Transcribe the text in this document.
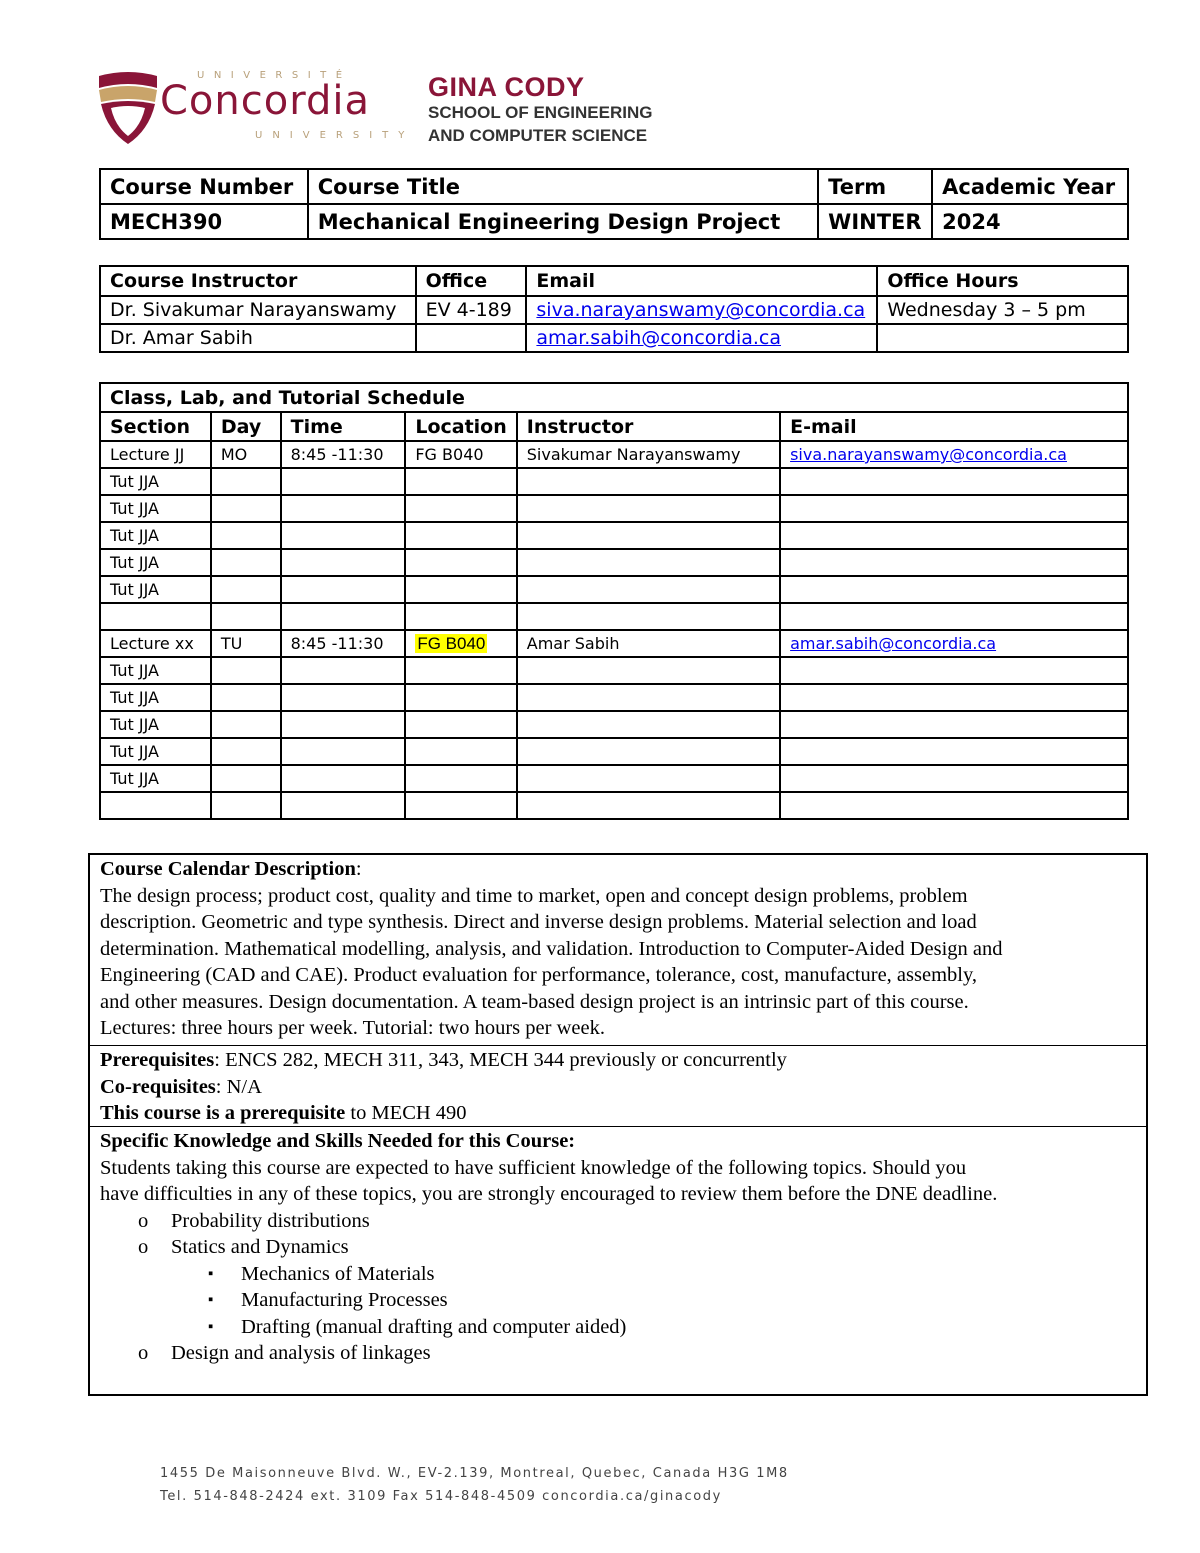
UNIVERSITÉ
Concordia
UNIVERSITY
GINA CODY
SCHOOL OF ENGINEERING
AND COMPUTER SCIENCE
Course Number	Course Title	Term	Academic Year
MECH390	Mechanical Engineering Design Project	WINTER	2024
Course Instructor	Office	Email	Office Hours
Dr. Sivakumar Narayanswamy	EV 4-189	siva.narayanswamy@concordia.ca	Wednesday 3 – 5 pm
Dr. Amar Sabih		amar.sabih@concordia.ca	
Class, Lab, and Tutorial Schedule					
Section	Day	Time	Location	Instructor	E-mail
Lecture JJ	MO	8:45 -11:30	FG B040	Sivakumar Narayanswamy	siva.narayanswamy@concordia.ca
Tut JJA					
Tut JJA					
Tut JJA					
Tut JJA					
Tut JJA					

Lecture xx	TU	8:45 -11:30	FG B040	Amar Sabih	amar.sabih@concordia.ca
Tut JJA					
Tut JJA					
Tut JJA					
Tut JJA					
Tut JJA					

Course Calendar Description:
The design process; product cost, quality and time to market, open and concept design problems, problem
description. Geometric and type synthesis. Direct and inverse design problems. Material selection and load
determination. Mathematical modelling, analysis, and validation. Introduction to Computer-Aided Design and
Engineering (CAD and CAE). Product evaluation for performance, tolerance, cost, manufacture, assembly,
and other measures. Design documentation. A team-based design project is an intrinsic part of this course.
Lectures: three hours per week. Tutorial: two hours per week.
Prerequisites: ENCS 282, MECH 311, 343, MECH 344 previously or concurrently
Co-requisites: N/A
This course is a prerequisite to MECH 490
Specific Knowledge and Skills Needed for this Course:
Students taking this course are expected to have sufficient knowledge of the following topics. Should you
have difficulties in any of these topics, you are strongly encouraged to review them before the DNE deadline.
o Probability distributions
o Statics and Dynamics
▪ Mechanics of Materials
▪ Manufacturing Processes
▪ Drafting (manual drafting and computer aided)
o Design and analysis of linkages
1455 De Maisonneuve Blvd. W., EV-2.139, Montreal, Quebec, Canada H3G 1M8
Tel. 514-848-2424 ext. 3109 Fax 514-848-4509 concordia.ca/ginacody
